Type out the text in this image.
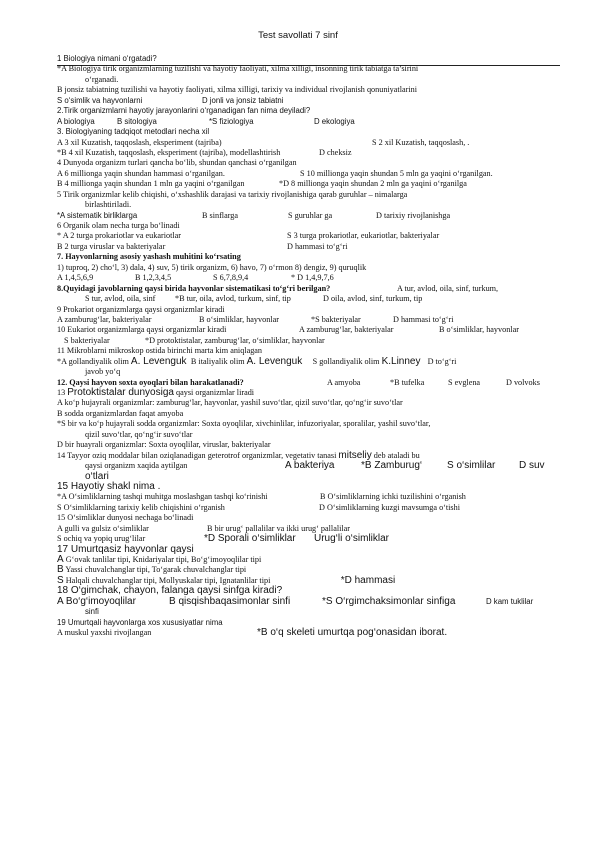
Test savollati 7 sinf
1 Biologiya nimani o‘rgatadi?
*A Biologiya tirik organizmlarning tuzilishi va hayotiy faoliyati, xilma xilligi, insonning tirik tabiatga ta’sirini
o‘rganadi.
B jonsiz tabiatning tuzilishi va hayotiy faoliyati, xilma xilligi, tarixiy va individual rivojlanish qonuniyatlarini
S o‘simlik va hayvonlarni	D jonli va jonsiz tabiatni
2.Tirik organizmlarni hayotiy jarayonlarini o‘rganadigan fan nima deyiladi?
A biologiya	B sitologiya	*S fiziologiya	D ekologiya
3. Biologiyaning tadqiqot metodlari necha xil
A 3 xil Kuzatish, taqqoslash, eksperiment (tajriba)	S 2 xil Kuzatish, taqqoslash, .
*B 4 xil Kuzatish, taqqoslash, eksperiment (tajriba), modellashtirish	D cheksiz
4 Dunyoda organizm turlari qancha bo‘lib, shundan qanchasi o‘rganilgan
A 6 millionga yaqin shundan hammasi o‘rganilgan.	S 10 millionga yaqin shundan 5 mln ga yaqini o‘rganilgan.
B 4 millionga yaqin shundan 1 mln ga yaqini o‘rganilgan	*D 8 millionga yaqin shundan 2 mln ga yaqini o‘rganilga
5 Tirik organizmlar kelib chiqishi, o‘xshashlik darajasi va tarixiy rivojlanishiga qarab guruhlar – nimalarga
birlashtiriladi.
*A sistematik birliklarga	B sinflarga	S guruhlar ga	D tarixiy rivojlanishga
6 Organik olam necha turga bo‘linadi
* A 2 turga prokariotlar va eukariotlar	S 3 turga prokariotlar, eukariotlar, bakteriyalar
B 2 turga viruslar va bakteriyalar	D hammasi to‘g‘ri
7. Hayvonlarning asosiy yashash muhitini ko‘rsating
1) tuproq, 2) cho‘l, 3) dala, 4) suv, 5) tirik organizm, 6) havo, 7) o‘rmon 8) dengiz, 9) quruqlik
A 1,4,5,6,9	B 1,2,3,4,5	S 6,7,8,9,4	* D 1,4,9,7,6
8.Quyidagi javoblarning qaysi birida hayvonlar sistematikasi to‘g‘ri berilgan?	A tur, avlod, oila, sinf, turkum,
S tur, avlod, oila, sinf *B tur, oila, avlod, turkum, sinf, tip	D oila, avlod, sinf, turkum, tip
9 Prokariot organizmlarga qaysi organizmlar kiradi
A zamburug‘lar, bakteriyalar	B o‘simliklar, hayvonlar	*S bakteriyalar	D hammasi to‘g‘ri
10 Eukariot organizmlarga qaysi organizmlar kiradi	A zamburug‘lar, bakteriyalar	B o‘simliklar, hayvonlar
S bakteriyalar	*D protoktistalar, zamburug‘lar, o‘simliklar, hayvonlar
11 Mikroblarni mikroskop ostida birinchi marta kim aniqlagan
*A gollandiyalik olim A. Levenguk B italiyalik olim A. Levenguk S gollandiyalik olim K.Linney D to‘g‘ri
javob yo‘q
12. Qaysi hayvon soxta oyoqlari bilan harakatlanadi?	A amyoba	*B tufelka	S evglena	D volvoks
13 Protoktistalar dunyosiga qaysi organizmlar liradi
A ko‘p hujayrali organizmlar: zamburug‘lar, hayvonlar, yashil suvo‘tlar, qizil suvo‘tlar, qo‘ng‘ir suvo‘tlar
B sodda organizmlardan faqat amyoba
*S bir va ko‘p hujayrali sodda organizmlar: Soxta oyoqlilar, xivchinlilar, infuzoriyalar, sporalilar, yashil suvo‘tlar,
qizil suvo‘tlar, qo‘ng‘ir suvo‘tlar
D bir huayrali organizmlar: Soxta oyoqlilar, viruslar, bakteriyalar
14 Tayyor oziq moddalar bilan oziqlanadigan geterotrof organizmlar, vegetativ tanasi mitseliy deb ataladi bu
qaysi organizm xaqida aytilgan	A bakteriya	*B Zamburug‘ S o‘simlilar D suv
o‘tlari
15 Hayotiy shakl nima .
*A O‘simliklarning tashqi muhitga moslashgan tashqi ko‘rinishi	B O‘simliklarning ichki tuzilishini o‘rganish
S O‘simliklarning tarixiy kelib chiqishini o‘rganish	D O‘simliklarning kuzgi mavsumga o‘tishi
15 O‘simliklar dunyosi nechaga bo‘linadi
A gulli va gulsiz o‘simliklar	B bir urug‘ pallalilar va ikki urug‘ pallalilar
S ochiq va yopiq urug‘lilar	*D Sporali o‘simliklar Urug‘li o‘simliklar
17 Umurtqasiz hayvonlar qaysi
A G‘ovak tanlilar tipi, Knidariyalar tipi, Bo‘g‘imoyoqlilar tipi
B Yassi chuvalchanglar tipi, To‘garak chuvalchanglar tipi
S Halqali chuvalchanglar tipi, Mollyuskalar tipi, Ignatanlilar tipi	*D hammasi
18 O‘gimchak, chayon, falanga qaysi sinfga kiradi?
A Bo‘g‘imoyoqlilar	B qisqishbaqasimonlar sinfi	*S O‘rgimchaksimonlar sinfiga	D kam tuklilar
sinfi
19 Umurtqali hayvonlarga xos xususiyatlar nima
A muskul yaxshi rivojlangan	*B o‘q skeleti umurtqa pog‘onasidan iborat.
